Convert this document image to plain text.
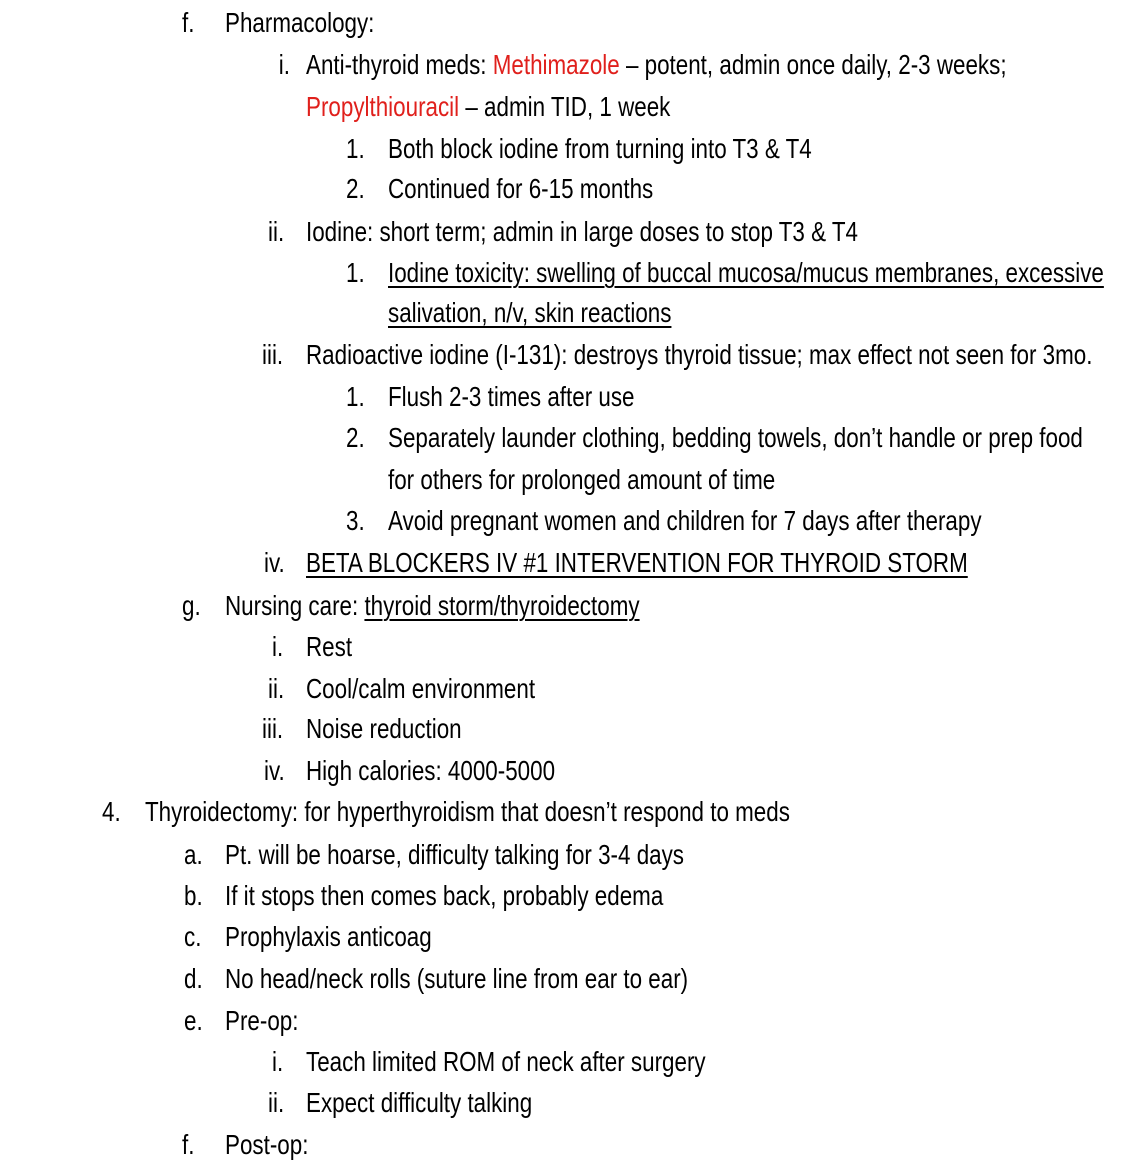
f. Pharmacology:
i. Anti-thyroid meds: Methimazole – potent, admin once daily, 2-3 weeks;
Propylthiouracil – admin TID, 1 week
1. Both block iodine from turning into T3 & T4
2. Continued for 6-15 months
ii. Iodine: short term; admin in large doses to stop T3 & T4
1. Iodine toxicity: swelling of buccal mucosa/mucus membranes, excessive
salivation, n/v, skin reactions
iii. Radioactive iodine (I-131): destroys thyroid tissue; max effect not seen for 3mo.
1. Flush 2-3 times after use
2. Separately launder clothing, bedding towels, don’t handle or prep food
for others for prolonged amount of time
3. Avoid pregnant women and children for 7 days after therapy
iv. BETA BLOCKERS IV #1 INTERVENTION FOR THYROID STORM
g. Nursing care: thyroid storm/thyroidectomy
i. Rest
ii. Cool/calm environment
iii. Noise reduction
iv. High calories: 4000-5000
4. Thyroidectomy: for hyperthyroidism that doesn’t respond to meds
a. Pt. will be hoarse, difficulty talking for 3-4 days
b. If it stops then comes back, probably edema
c. Prophylaxis anticoag
d. No head/neck rolls (suture line from ear to ear)
e. Pre-op:
i. Teach limited ROM of neck after surgery
ii. Expect difficulty talking
f. Post-op:
